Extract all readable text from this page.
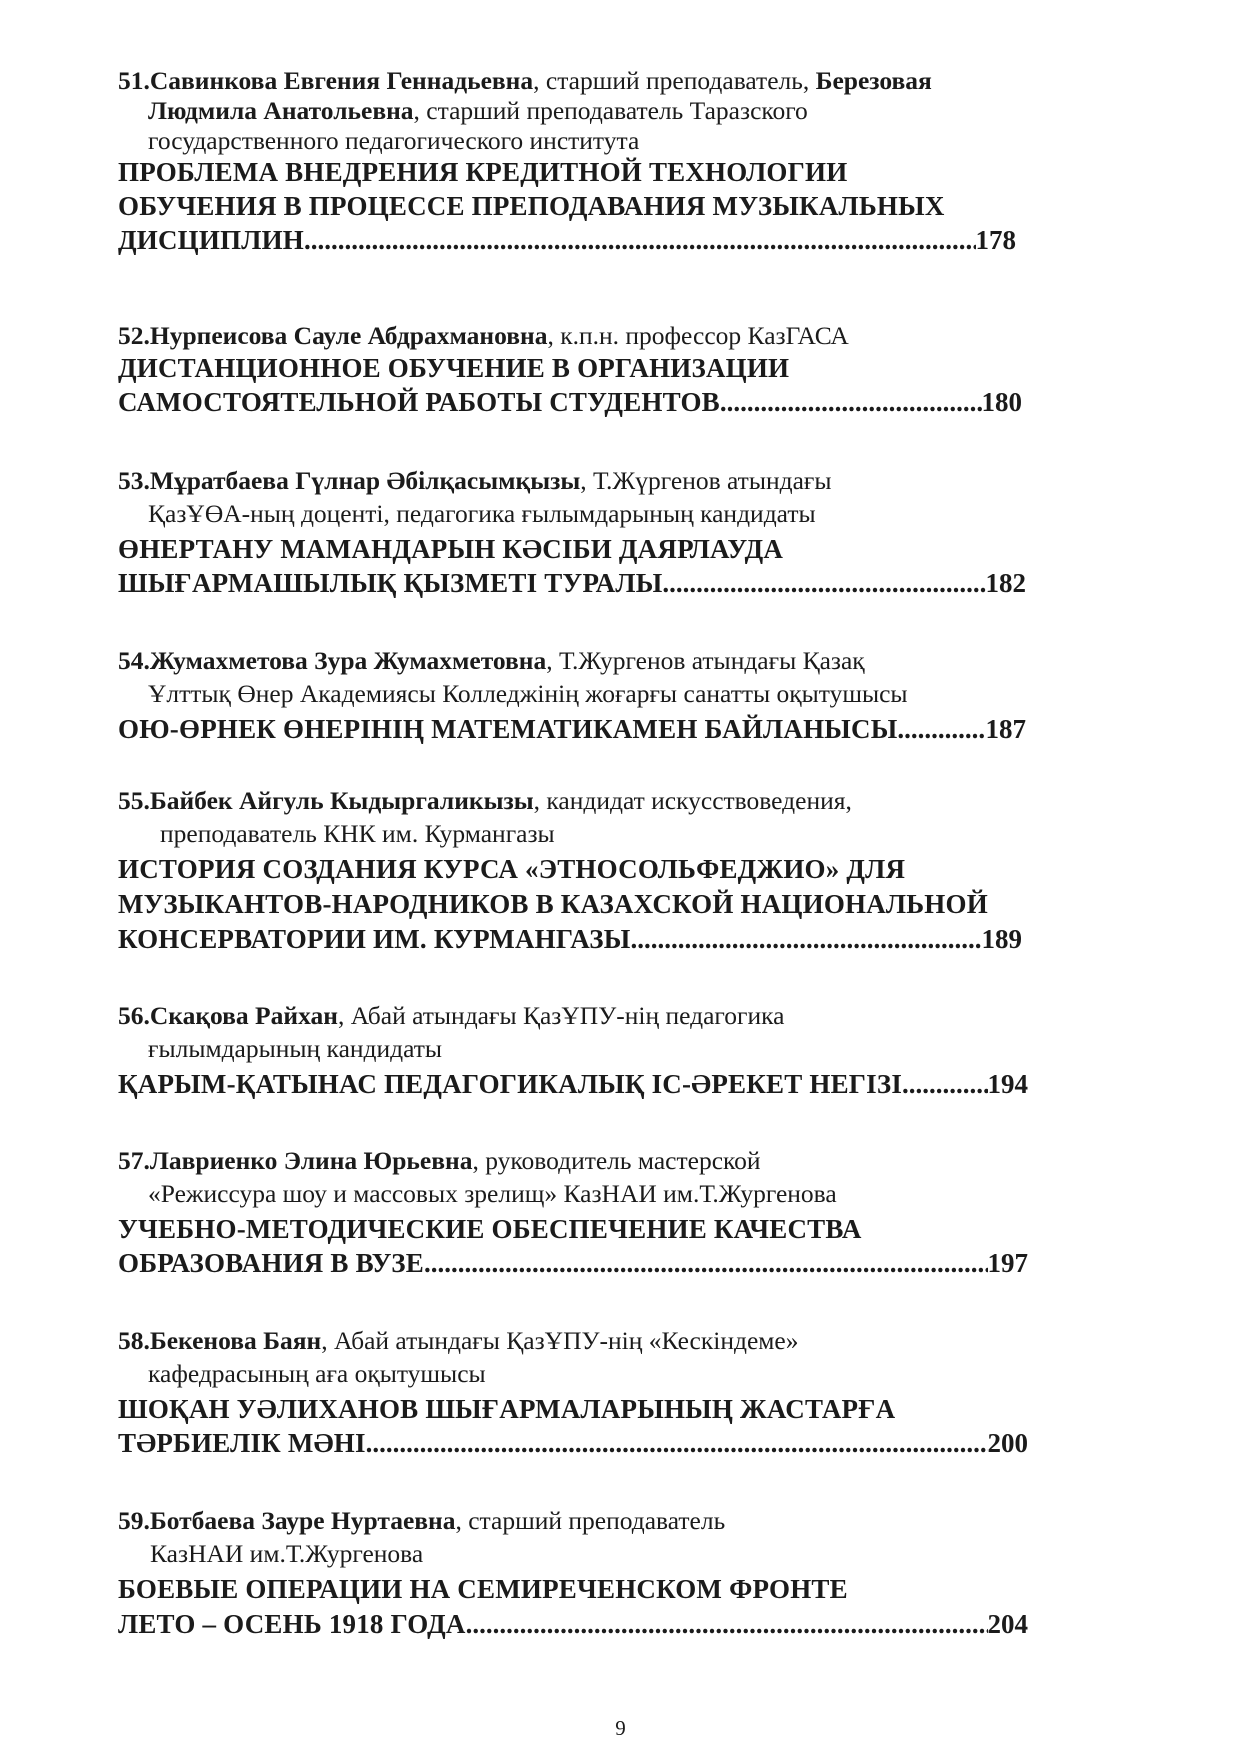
51.Савинкова Евгения Геннадьевна, старший преподаватель, Березовая
Людмила Анатольевна, старший преподаватель Таразского
государственного педагогического института
ПРОБЛЕМА ВНЕДРЕНИЯ КРЕДИТНОЙ ТЕХНОЛОГИИ
ОБУЧЕНИЯ В ПРОЦЕССЕ ПРЕПОДАВАНИЯ МУЗЫКАЛЬНЫХ
ДИСЦИПЛИН .....	178
52.Нурпеисова Сауле Абдрахмановна, к.п.н. профессор КазГАСА
ДИСТАНЦИОННОЕ ОБУЧЕНИЕ В ОРГАНИЗАЦИИ
САМОСТОЯТЕЛЬНОЙ РАБОТЫ СТУДЕНТОВ .....	180
53.Мұратбаева Гүлнар Әбілқасымқызы, Т.Жүргенов атындағы
ҚазҰӨА-ның доценті, педагогика ғылымдарының кандидаты
ӨНЕРТАНУ МАМАНДАРЫН КӘСІБИ ДАЯРЛАУДА
ШЫҒАРМАШЫЛЫҚ ҚЫЗМЕТІ ТУРАЛЫ .....	182
54.Жумахметова Зура Жумахметовна, Т.Жургенов атындағы Қазақ
Ұлттық Өнер Академиясы Колледжінің жоғарғы санатты оқытушысы
ОЮ-ӨРНЕК ӨНЕРІНІҢ МАТЕМАТИКАМЕН БАЙЛАНЫСЫ .....	187
55.Байбек Айгуль Кыдыргаликызы, кандидат искусствоведения,
преподаватель КНК им. Курмангазы
ИСТОРИЯ СОЗДАНИЯ КУРСА «ЭТНОСОЛЬФЕДЖИО» ДЛЯ
МУЗЫКАНТОВ-НАРОДНИКОВ В КАЗАХСКОЙ НАЦИОНАЛЬНОЙ
КОНСЕРВАТОРИИ ИМ. КУРМАНГАЗЫ .....	189
56.Скақова Райхан, Абай атындағы ҚазҰПУ-нің педагогика
ғылымдарының кандидаты
ҚАРЫМ-ҚАТЫНАС ПЕДАГОГИКАЛЫҚ ІС-ӘРЕКЕТ НЕГІЗІ .....	194
57.Лавриенко Элина Юрьевна, руководитель мастерской
«Режиссура шоу и массовых зрелищ» КазНАИ им.Т.Жургенова
УЧЕБНО-МЕТОДИЧЕСКИЕ ОБЕСПЕЧЕНИЕ КАЧЕСТВА
ОБРАЗОВАНИЯ В ВУЗЕ .....	197
58.Бекенова Баян, Абай атындағы ҚазҰПУ-нің «Кескіндеме»
кафедрасының аға оқытушысы
ШОҚАН УӘЛИХАНОВ ШЫҒАРМАЛАРЫНЫҢ ЖАСТАРҒА
ТӘРБИЕЛІК МӘНІ .....	200
59.Ботбаева Зауре Нуртаевна, старший преподаватель
КазНАИ им.Т.Жургенова
БОЕВЫЕ ОПЕРАЦИИ НА СЕМИРЕЧЕНСКОМ ФРОНТЕ
ЛЕТО – ОСЕНЬ 1918 ГОДА .....	204
9
